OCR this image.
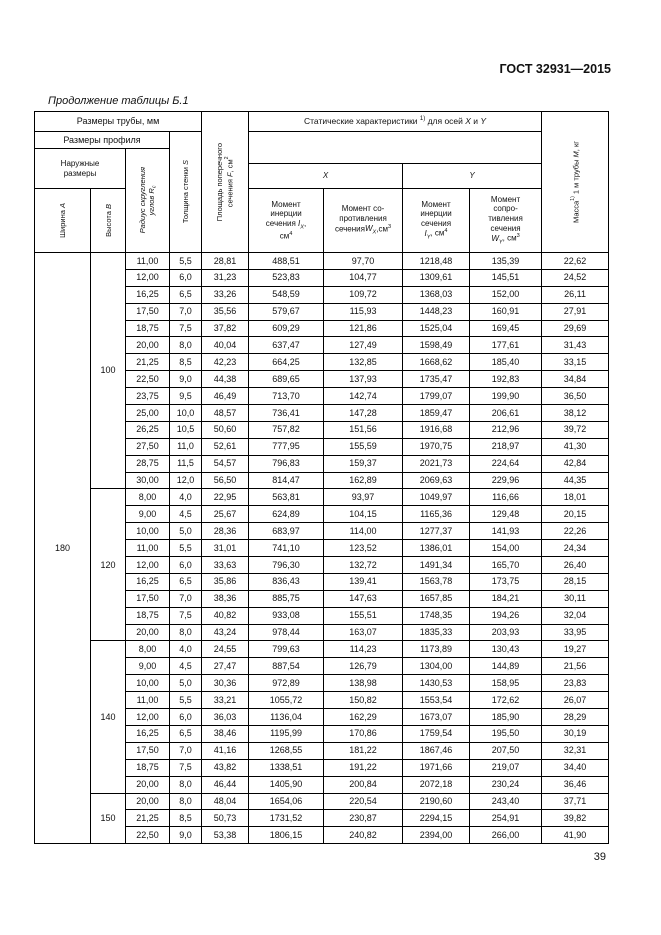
ГОСТ 32931—2015
Продолжение таблицы Б.1
Размеры трубы, мм				Площадь поперечного сечения F, $см^2$	Статические характеристики $^{1)}$ для осей X и Y				Масса$^{1)}$ 1 м трубы M, кг

Размеры профиля			Толщина стенки S						

Наружные
размеры		Радиус скругления
углов $R_c$

					X		Y		

Ширина A	Высота B				Момент
инерции
сечения $I_X$,
$см^4$	Момент со-
противления
$сеченияW_X,см^3$	Момент
инерции
сечения
$I_Y$, $см^4$	Момент
сопро-
тивления
сечения
$W_Y$, $см^3$
180	100	11,00	5,5	28,81	488,51	97,70	1218,48	135,39	22,62
		12,00	6,0	31,23	523,83	104,77	1309,61	145,51	24,52
		16,25	6,5	33,26	548,59	109,72	1368,03	152,00	26,11
		17,50	7,0	35,56	579,67	115,93	1448,23	160,91	27,91
		18,75	7,5	37,82	609,29	121,86	1525,04	169,45	29,69
		20,00	8,0	40,04	637,47	127,49	1598,49	177,61	31,43
		21,25	8,5	42,23	664,25	132,85	1668,62	185,40	33,15
		22,50	9,0	44,38	689,65	137,93	1735,47	192,83	34,84
		23,75	9,5	46,49	713,70	142,74	1799,07	199,90	36,50
		25,00	10,0	48,57	736,41	147,28	1859,47	206,61	38,12
		26,25	10,5	50,60	757,82	151,56	1916,68	212,96	39,72
		27,50	11,0	52,61	777,95	155,59	1970,75	218,97	41,30
		28,75	11,5	54,57	796,83	159,37	2021,73	224,64	42,84
		30,00	12,0	56,50	814,47	162,89	2069,63	229,96	44,35
	120	8,00	4,0	22,95	563,81	93,97	1049,97	116,66	18,01
		9,00	4,5	25,67	624,89	104,15	1165,36	129,48	20,15
		10,00	5,0	28,36	683,97	114,00	1277,37	141,93	22,26
		11,00	5,5	31,01	741,10	123,52	1386,01	154,00	24,34
		12,00	6,0	33,63	796,30	132,72	1491,34	165,70	26,40
		16,25	6,5	35,86	836,43	139,41	1563,78	173,75	28,15
		17,50	7,0	38,36	885,75	147,63	1657,85	184,21	30,11
		18,75	7,5	40,82	933,08	155,51	1748,35	194,26	32,04
		20,00	8,0	43,24	978,44	163,07	1835,33	203,93	33,95
	140	8,00	4,0	24,55	799,63	114,23	1173,89	130,43	19,27
		9,00	4,5	27,47	887,54	126,79	1304,00	144,89	21,56
		10,00	5,0	30,36	972,89	138,98	1430,53	158,95	23,83
		11,00	5,5	33,21	1055,72	150,82	1553,54	172,62	26,07
		12,00	6,0	36,03	1136,04	162,29	1673,07	185,90	28,29
		16,25	6,5	38,46	1195,99	170,86	1759,54	195,50	30,19
		17,50	7,0	41,16	1268,55	181,22	1867,46	207,50	32,31
		18,75	7,5	43,82	1338,51	191,22	1971,66	219,07	34,40
		20,00	8,0	46,44	1405,90	200,84	2072,18	230,24	36,46
	150	20,00	8,0	48,04	1654,06	220,54	2190,60	243,40	37,71
		21,25	8,5	50,73	1731,52	230,87	2294,15	254,91	39,82
		22,50	9,0	53,38	1806,15	240,82	2394,00	266,00	41,90
39
